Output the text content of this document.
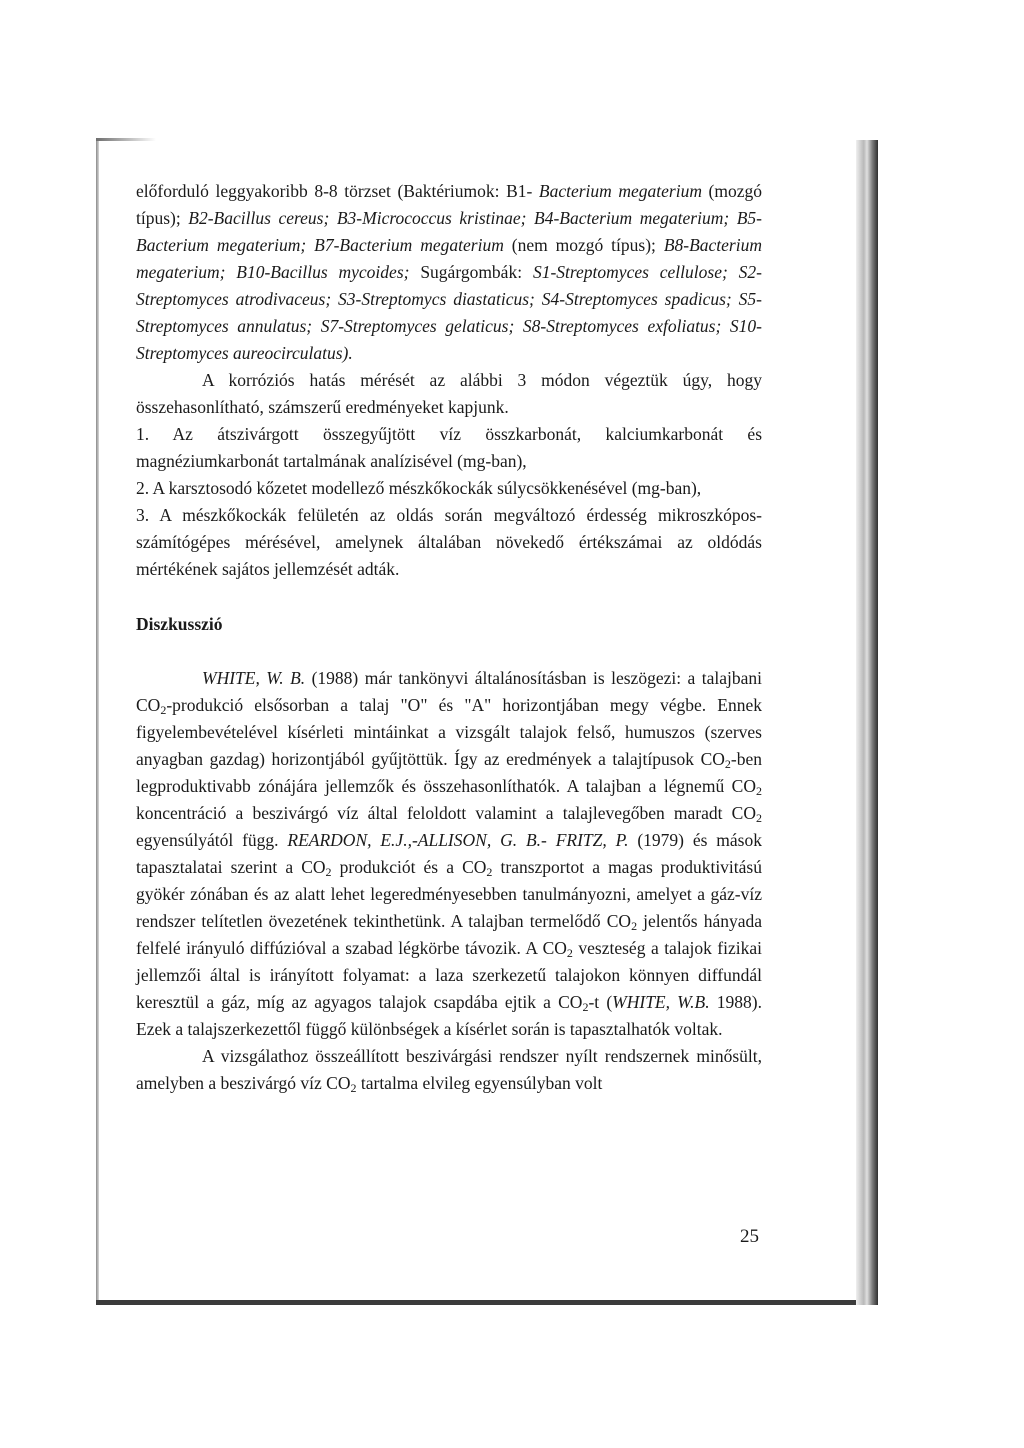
előforduló leggyakoribb 8-8 törzset (Baktériumok: B1- Bacterium megaterium (mozgó típus); B2-Bacillus cereus; B3-Micrococcus kristinae; B4-Bacterium megaterium; B5-Bacterium megaterium; B7-Bacterium megaterium (nem mozgó típus); B8-Bacterium megaterium; B10-Bacillus mycoides; Sugárgombák: S1-Streptomyces cellulose; S2-Streptomyces atrodivaceus; S3-Streptomycs diastaticus; S4-Streptomyces spadicus; S5-Streptomyces annulatus; S7-Streptomyces gelaticus; S8-Streptomyces exfoliatus; S10-Streptomyces aureocirculatus).

A korróziós hatás mérését az alábbi 3 módon végeztük úgy, hogy összehasonlítható, számszerű eredményeket kapjunk.

1. Az átszivárgott összegyűjtött víz összkarbonát, kalciumkarbonát és magnéziumkarbonát tartalmának analízisével (mg-ban),

2. A karsztosodó kőzetet modellező mészkőkockák súlycsökkenésével (mg-ban),

3. A mészkőkockák felületén az oldás során megváltozó érdesség mikroszkópos-számítógépes mérésével, amelynek általában növekedő értékszámai az oldódás mértékének sajátos jellemzését adták.

Diszkusszió

WHITE, W. B. (1988) már tankönyvi általánosításban is leszögezi: a talajbani $CO_2$-produkció elsősorban a talaj "O" és "A" horizontjában megy végbe. Ennek figyelembevételével kísérleti mintáinkat a vizsgált talajok felső, humuszos (szerves anyagban gazdag) horizontjából gyűjtöttük. Így az eredmények a talajtípusok $CO_2$-ben legproduktivabb zónájára jellemzők és összehasonlíthatók. A talajban a légnemű $CO_2$ koncentráció a beszivárgó víz által feloldott valamint a talajlevegőben maradt $CO_2$ egyensúlyától függ. REARDON, E.J.,-ALLISON, G. B.- FRITZ, P. (1979) és mások tapasztalatai szerint a $CO_2$ produkciót és a $CO_2$ transzportot a magas produktivitású gyökér zónában és az alatt lehet legeredményesebben tanulmányozni, amelyet a gáz-víz rendszer telítetlen övezetének tekinthetünk. A talajban termelődő $CO_2$ jelentős hányada felfelé irányuló diffúzióval a szabad légkörbe távozik. A $CO_2$ veszteség a talajok fizikai jellemzői által is irányított folyamat: a laza szerkezetű talajokon könnyen diffundál keresztül a gáz, míg az agyagos talajok csapdába ejtik a $CO_2-t$ (WHITE, W.B. 1988). Ezek a talajszerkezettől függő különbségek a kísérlet során is tapasztalhatók voltak.

A vizsgálathoz összeállított beszivárgási rendszer nyílt rendszernek minősült, amelyben a beszivárgó víz $CO_2$ tartalma elvileg egyensúlyban volt

25
